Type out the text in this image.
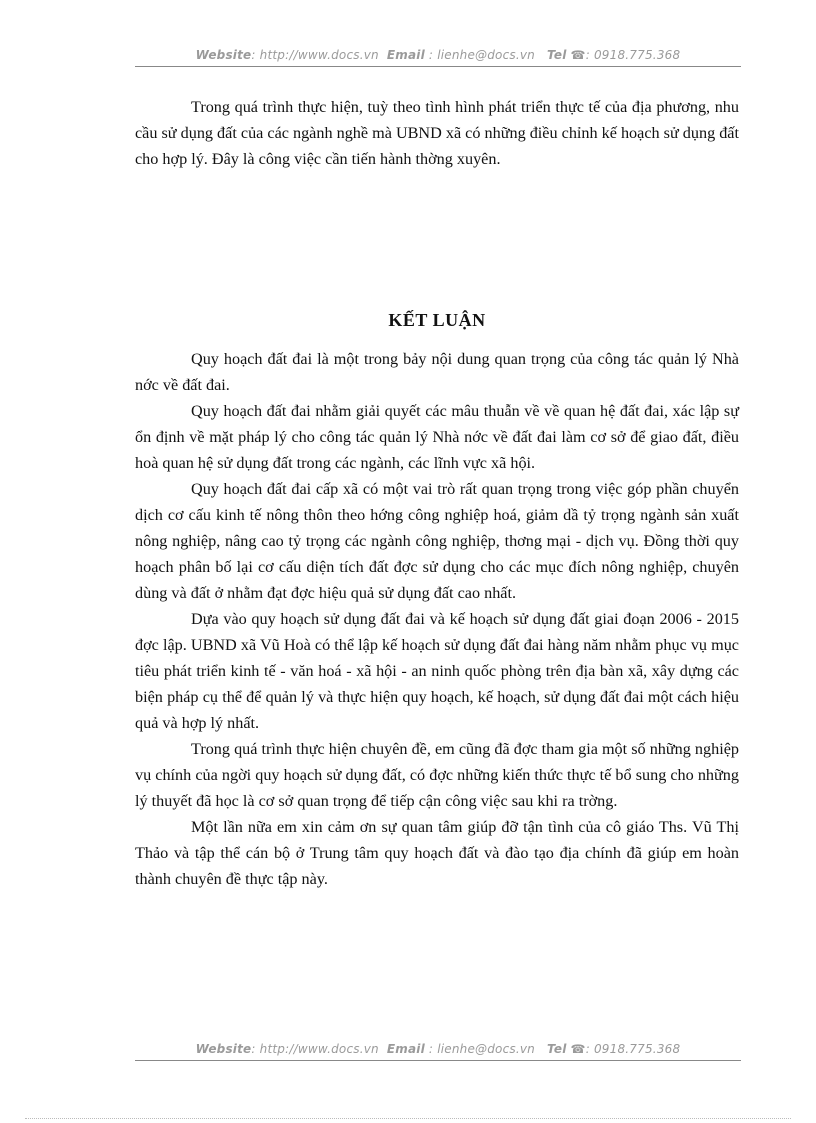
Website: http://www.docs.vn Email : lienhe@docs.vn Tel ☎: 0918.775.368

Trong quá trình thực hiện, tuỳ theo tình hình phát triển thực tế của địa phương, nhu cầu sử dụng đất của các ngành nghề mà UBND xã có những điều chỉnh kế hoạch sử dụng đất cho hợp lý. Đây là công việc cần tiến hành thờng xuyên.

KẾT LUẬN

Quy hoạch đất đai là một trong bảy nội dung quan trọng của công tác quản lý Nhà nớc về đất đai.

Quy hoạch đất đai nhằm giải quyết các mâu thuẫn về về quan hệ đất đai, xác lập sự ổn định về mặt pháp lý cho công tác quản lý Nhà nớc về đất đai làm cơ sở để giao đất, điều hoà quan hệ sử dụng đất trong các ngành, các lĩnh vực xã hội.

Quy hoạch đất đai cấp xã có một vai trò rất quan trọng trong việc góp phần chuyển dịch cơ cấu kinh tế nông thôn theo hớng công nghiệp hoá, giảm dầ tỷ trọng ngành sản xuất nông nghiệp, nâng cao tỷ trọng các ngành công nghiệp, thơng mại - dịch vụ. Đồng thời quy hoạch phân bố lại cơ cấu diện tích đất đợc sử dụng cho các mục đích nông nghiệp, chuyên dùng và đất ở nhằm đạt đợc hiệu quả sử dụng đất cao nhất.

Dựa vào quy hoạch sử dụng đất đai và kế hoạch sử dụng đất giai đoạn 2006 - 2015 đợc lập. UBND xã Vũ Hoà có thể lập kế hoạch sử dụng đất đai hàng năm nhằm phục vụ mục tiêu phát triển kinh tế - văn hoá - xã hội - an ninh quốc phòng trên địa bàn xã, xây dựng các biện pháp cụ thể để quản lý và thực hiện quy hoạch, kế hoạch, sử dụng đất đai một cách hiệu quả và hợp lý nhất.

Trong quá trình thực hiện chuyên đề, em cũng đã đợc tham gia một số những nghiệp vụ chính của ngời quy hoạch sử dụng đất, có đợc những kiến thức thực tế bổ sung cho những lý thuyết đã học là cơ sở quan trọng để tiếp cận công việc sau khi ra trờng.

Một lần nữa em xin cảm ơn sự quan tâm giúp đỡ tận tình của cô giáo Ths. Vũ Thị Thảo và tập thể cán bộ ở Trung tâm quy hoạch đất và đào tạo địa chính đã giúp em hoàn thành chuyên đề thực tập này.

Website: http://www.docs.vn Email : lienhe@docs.vn Tel ☎: 0918.775.368
